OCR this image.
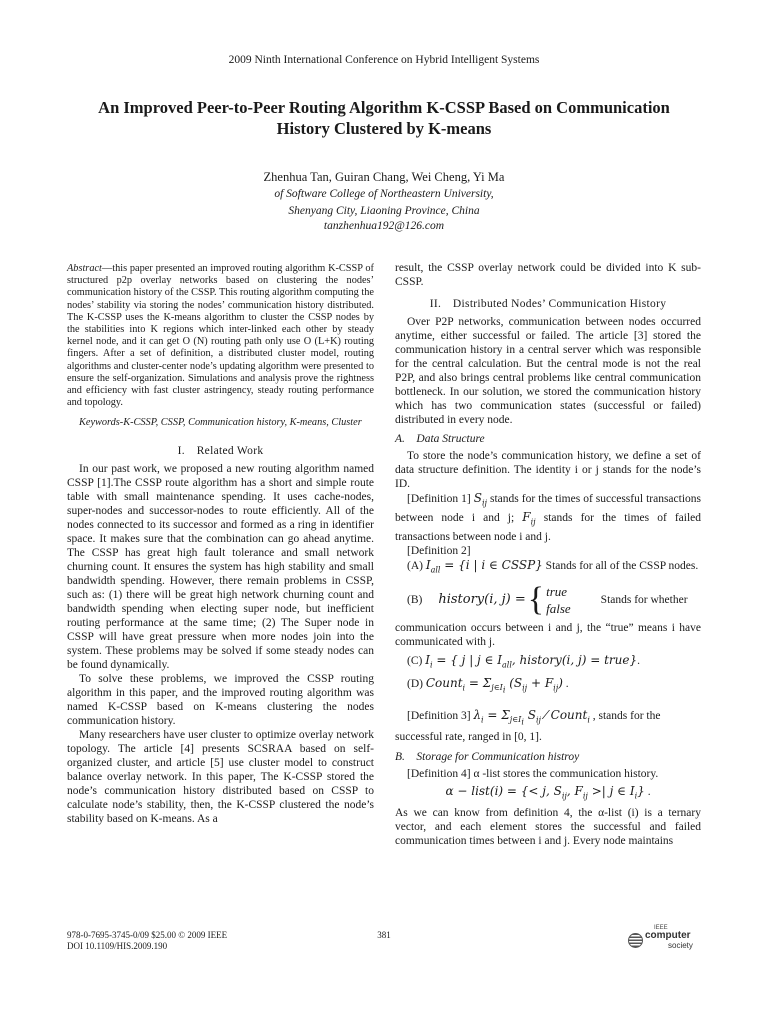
2009 Ninth International Conference on Hybrid Intelligent Systems
An Improved Peer-to-Peer Routing Algorithm K-CSSP Based on Communication
History Clustered by K-means
Zhenhua Tan, Guiran Chang, Wei Cheng, Yi Ma
of Software College of Northeastern University,
Shenyang City, Liaoning Province, China
tanzhenhua192@126.com

Abstract—this paper presented an improved routing algorithm K-CSSP of structured p2p overlay networks based on clustering the nodes’ communication history of the CSSP. This routing algorithm computing the nodes’ stability via storing the nodes’ communication history distributed. The K-CSSP uses the K-means algorithm to cluster the CSSP nodes by the stabilities into K regions which inter-linked each other by steady kernel node, and it can get O (N) routing path only use O (L+K) routing fingers. After a set of definition, a distributed cluster model, routing algorithms and cluster-center node’s updating algorithm were presented to ensure the self-organization. Simulations and analysis prove the rightness and efficiency with fast cluster astringency, steady routing performance and topology.

Keywords-K-CSSP, CSSP, Communication history, K-means, Cluster

I. Related Work

In our past work, we proposed a new routing algorithm named CSSP [1].The CSSP route algorithm has a short and simple route table with small maintenance spending. It uses cache-nodes, super-nodes and successor-nodes to route efficiently. All of the nodes connected to its successor and formed as a ring in identifier space. It makes sure that the combination can go ahead anytime. The CSSP has great high fault tolerance and small network churning count. It ensures the system has high stability and small bandwidth spending. However, there remain problems in CSSP, such as: (1) there will be great high network churning count and bandwidth spending when electing super node, but inefficient routing performance at the same time; (2) The Super node in CSSP will have great pressure when more nodes join into the system. These problems may be solved if some steady nodes can be found dynamically.

To solve these problems, we improved the CSSP routing algorithm in this paper, and the improved routing algorithm was named K-CSSP based on K-means clustering the nodes communication history.

Many researchers have user cluster to optimize overlay network topology. The article [4] presents SCSRAA based on self-organized cluster, and article [5] use cluster model to construct balance overlay network. In this paper, The K-CSSP stored the node’s communication history distributed based on CSSP to calculate node’s stability, then, the K-CSSP clustered the node’s stability based on K-means. As a

result, the CSSP overlay network could be divided into K sub-CSSP.

II. Distributed Nodes’ Communication History

Over P2P networks, communication between nodes occurred anytime, either successful or failed. The article [3] stored the communication history in a central server which was responsible for the central calculation. But the central mode is not the real P2P, and also brings central problems like central communication bottleneck. In our solution, we stored the communication history which has two communication states (successful or failed) distributed in every node.

A. Data Structure

To store the node’s communication history, we define a set of data structure definition. The identity i or j stands for the node’s ID.

[Definition 1] $S_{ij}$ stands for the times of successful transactions between node i and j; $F_{ij}$ stands for the times of failed transactions between node i and j.

[Definition 2]

(A) $I_{all} = \{i$ | i ∈ CSSP} Stands for all of the CSSP nodes.

(B) history(i, j) = { true
false
Stands for whether

communication occurs between i and j, the “true” means i have communicated with j.

(C) $I_i$ = { j | j ∈ $I_{all}$, history(i, j) = true}.

(D) Count$_i$ = $\Sigma_{j\in I_i}$ $(S_{ij} + F_{ij})$ .

[Definition 3] $\lambda_i = \Sigma_{j\in I_i}$ $S_{ij}$ ⁄ Count$_i$ , stands for the

successful rate, ranged in [0, 1].

B. Storage for Communication histroy

[Definition 4] α -list stores the communication history.

α − list(i) = {< j, $S_{ij}$, $F_{ij}$ >| j ∈ $I_i$} .

As we can know from definition 4, the α-list (i) is a ternary vector, and each element stores the successful and failed communication times between i and j. Every node maintains

978-0-7695-3745-0/09 $25.00 © 2009 IEEE
DOI 10.1109/HIS.2009.190
381
IEEE
computer
society
